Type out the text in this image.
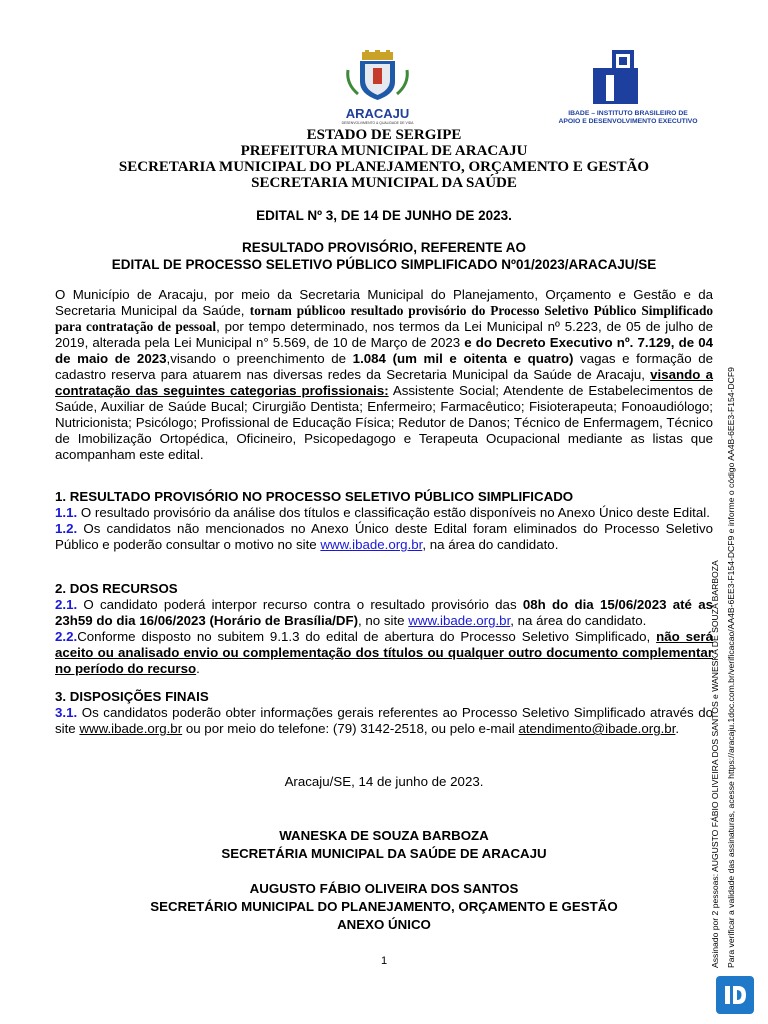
ARACAJU
DESENVOLVIMENTO & QUALIDADE DE VIDA
IBADE – INSTITUTO BRASILEIRO DE
APOIO E DESENVOLVIMENTO EXECUTIVO
ESTADO DE SERGIPE
PREFEITURA MUNICIPAL DE ARACAJU
SECRETARIA MUNICIPAL DO PLANEJAMENTO, ORÇAMENTO E GESTÃO
SECRETARIA MUNICIPAL DA SAÚDE
EDITAL Nº 3, DE 14 DE JUNHO DE 2023.
RESULTADO PROVISÓRIO, REFERENTE AO
EDITAL DE PROCESSO SELETIVO PÚBLICO SIMPLIFICADO Nº01/2023/ARACAJU/SE
O Município de Aracaju, por meio da Secretaria Municipal do Planejamento, Orçamento e Gestão e da Secretaria Municipal da Saúde, tornam públicoo resultado provisório do Processo Seletivo Público Simplificado para contratação de pessoal, por tempo determinado, nos termos da Lei Municipal nº 5.223, de 05 de julho de 2019, alterada pela Lei Municipal n° 5.569, de 10 de Março de 2023 e do Decreto Executivo nº. 7.129, de 04 de maio de 2023,visando o preenchimento de 1.084 (um mil e oitenta e quatro) vagas e formação de cadastro reserva para atuarem nas diversas redes da Secretaria Municipal da Saúde de Aracaju, visando a contratação das seguintes categorias profissionais: Assistente Social; Atendente de Estabelecimentos de Saúde, Auxiliar de Saúde Bucal; Cirurgião Dentista; Enfermeiro; Farmacêutico; Fisioterapeuta; Fonoaudiólogo; Nutricionista; Psicólogo; Profissional de Educação Física; Redutor de Danos; Técnico de Enfermagem, Técnico de Imobilização Ortopédica, Oficineiro, Psicopedagogo e Terapeuta Ocupacional mediante as listas que acompanham este edital.

1. RESULTADO PROVISÓRIO NO PROCESSO SELETIVO PÚBLICO SIMPLIFICADO

1.1. O resultado provisório da análise dos títulos e classificação estão disponíveis no Anexo Único deste Edital.

1.2. Os candidatos não mencionados no Anexo Único deste Edital foram eliminados do Processo Seletivo Público e poderão consultar o motivo no site www.ibade.org.br, na área do candidato.

2. DOS RECURSOS

2.1. O candidato poderá interpor recurso contra o resultado provisório das 08h do dia 15/06/2023 até as 23h59 do dia 16/06/2023 (Horário de Brasília/DF), no site www.ibade.org.br, na área do candidato.

2.2.Conforme disposto no subitem 9.1.3 do edital de abertura do Processo Seletivo Simplificado, não será aceito ou analisado envio ou complementação dos títulos ou qualquer outro documento complementar no período do recurso.

3. DISPOSIÇÕES FINAIS

3.1. Os candidatos poderão obter informações gerais referentes ao Processo Seletivo Simplificado através do site www.ibade.org.br ou por meio do telefone: (79) 3142-2518, ou pelo e-mail atendimento@ibade.org.br.

Aracaju/SE, 14 de junho de 2023.
WANESKA DE SOUZA BARBOZA
SECRETÁRIA MUNICIPAL DA SAÚDE DE ARACAJU
AUGUSTO FÁBIO OLIVEIRA DOS SANTOS
SECRETÁRIO MUNICIPAL DO PLANEJAMENTO, ORÇAMENTO E GESTÃO
ANEXO ÚNICO
1	Assinado por 2 pessoas: AUGUSTO FÁBIO OLIVEIRA DOS SANTOS e WANESKA DE SOUZA BARBOZA Para verificar a validade das assinaturas, acesse https://aracaju.1doc.com.br/verificacao/AA4B-6EE3-F154-DCF9 e informe o código AA4B-6EE3-F154-DCF9
